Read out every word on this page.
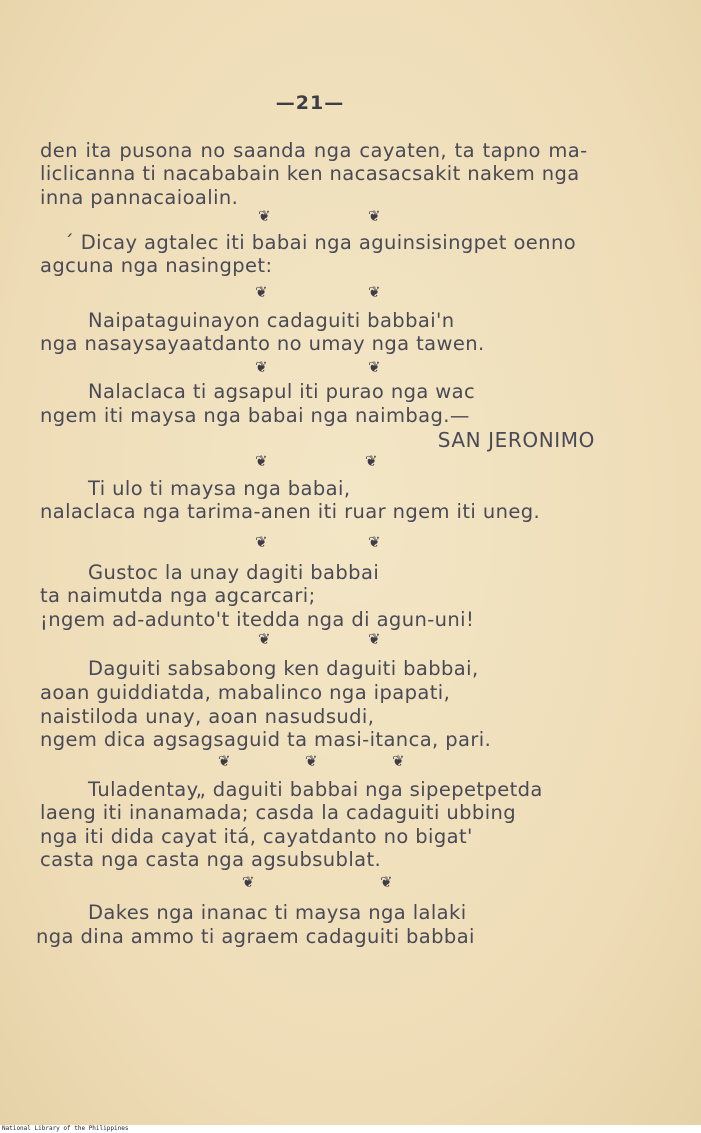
—21—
den ita pusona no saanda nga cayaten, ta tapno ma-
liclicanna ti nacababain ken nacasacsakit nakem nga
inna pannacaioalin.
❦	❦
´ Dicay agtalec iti babai nga aguinsisingpet oenno
agcuna nga nasingpet:
❦	❦
Naipataguinayon cadaguiti babbai'n
nga nasaysayaatdanto no umay nga tawen.
❦	❦
Nalaclaca ti agsapul iti purao nga wac
ngem iti maysa nga babai nga naimbag.—
SAN JERONIMO
❦	❦
Ti ulo ti maysa nga babai,
nalaclaca nga tarima-anen iti ruar ngem iti uneg.
❦	❦
Gustoc la unay dagiti babbai
ta naimutda nga agcarcari;
¡ngem ad-adunto't itedda nga di agun-uni!
❦	❦
Daguiti sabsabong ken daguiti babbai,
aoan guiddiatda, mabalinco nga ipapati,
naistiloda unay, aoan nasudsudi,
ngem dica agsagsaguid ta masi-itanca, pari.
❦	❦	❦
Tuladentay„ daguiti babbai nga sipepetpetda
laeng iti inanamada; casda la cadaguiti ubbing
nga iti dida cayat itá, cayatdanto no bigat'
casta nga casta nga agsubsublat.
❦	❦
Dakes nga inanac ti maysa nga lalaki
nga dina ammo ti agraem cadaguiti babbai
National Library of the Philippines
